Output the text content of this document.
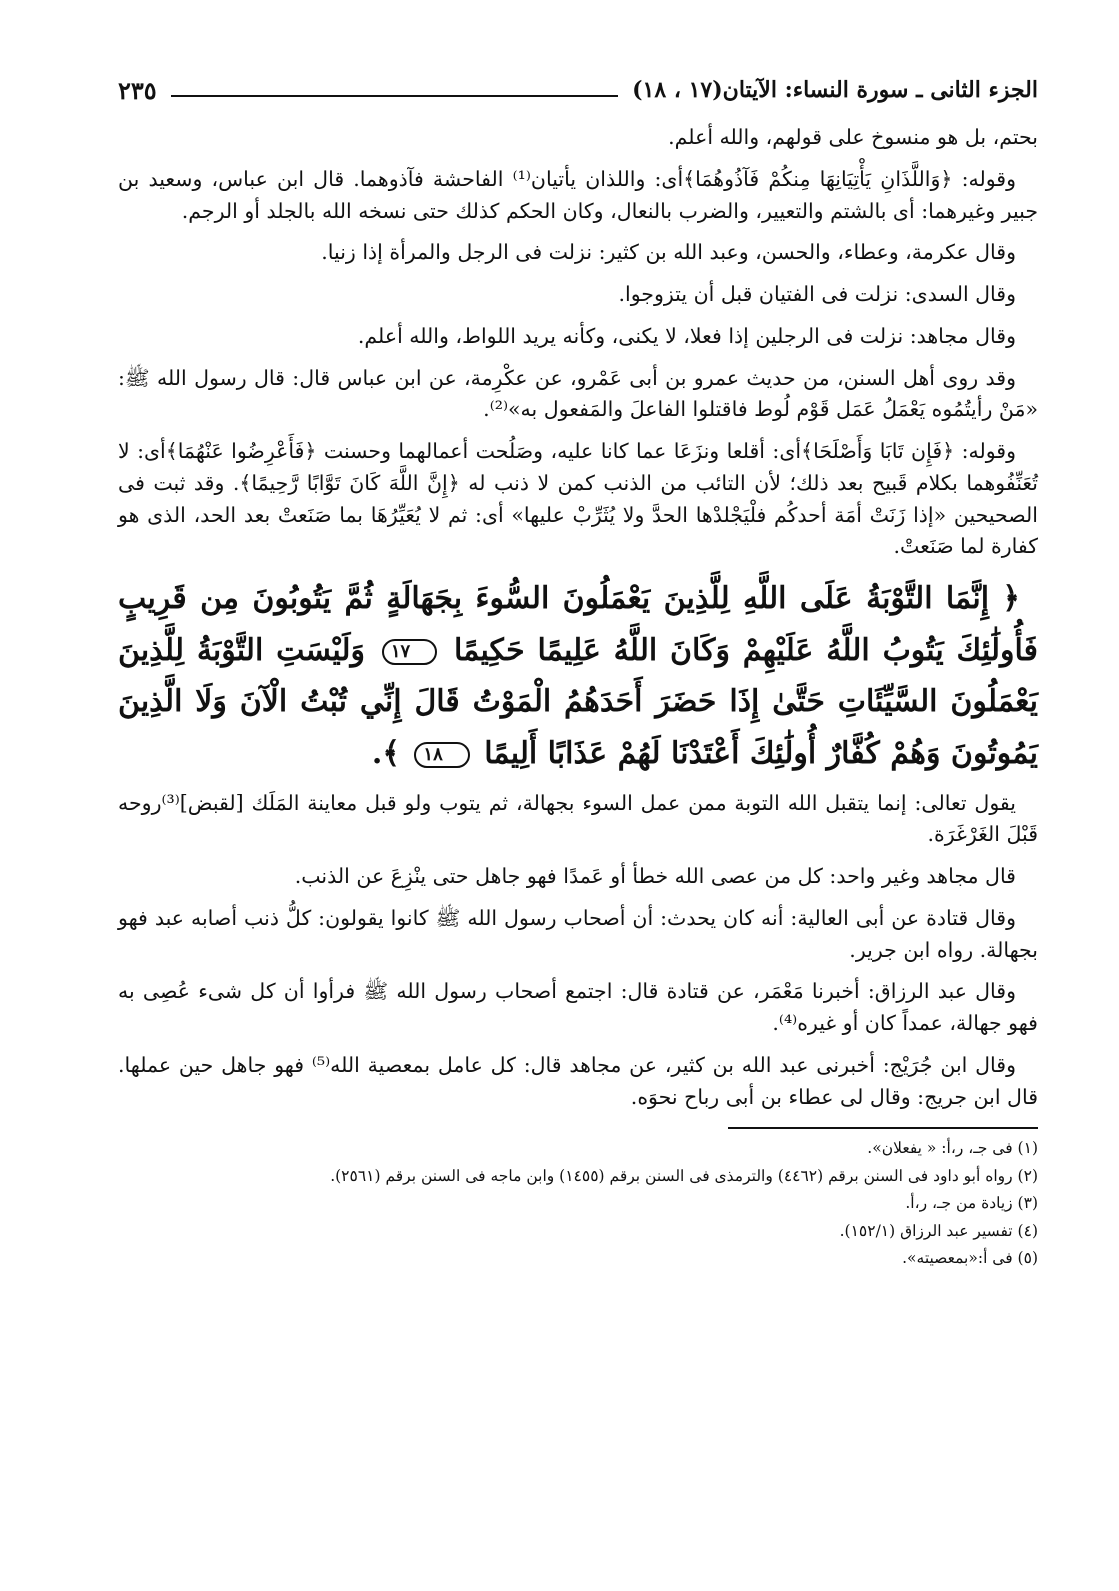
الجزء الثانى ـ سورة النساء: الآيتان(١٧ ، ١٨)
٢٣٥

بحتم، بل هو منسوخ على قولهم، والله أعلم.

وقوله: ﴿وَاللَّذَانِ يَأْتِيَانِهَا مِنكُمْ فَآذُوهُمَا﴾أى: واللذان يأتيان⁽¹⁾ الفاحشة فآذوهما. قال ابن عباس، وسعيد بن جبير وغيرهما: أى بالشتم والتعيير، والضرب بالنعال، وكان الحكم كذلك حتى نسخه الله بالجلد أو الرجم.

وقال عكرمة، وعطاء، والحسن، وعبد الله بن كثير: نزلت فى الرجل والمرأة إذا زنيا.

وقال السدى: نزلت فى الفتيان قبل أن يتزوجوا.

وقال مجاهد: نزلت فى الرجلين إذا فعلا، لا يكنى، وكأنه يريد اللواط، والله أعلم.

وقد روى أهل السنن، من حديث عمرو بن أبى عَمْرو، عن عكْرِمة، عن ابن عباس قال: قال رسول الله ﷺ: «مَنْ رأيتُمُوه يَعْمَلُ عَمَل قَوْم لُوط فاقتلوا الفاعلَ والمَفعول به»⁽²⁾.

وقوله: ﴿فَإِن تَابَا وَأَصْلَحَا﴾أى: أقلعا ونزَعَا عما كانا عليه، وصَلُحت أعمالهما وحسنت ﴿فَأَعْرِضُوا عَنْهُمَا﴾أى: لا تُعَنِّفُوهما بكلام قَبيح بعد ذلك؛ لأن التائب من الذنب كمن لا ذنب له ﴿إِنَّ اللَّهَ كَانَ تَوَّابًا رَّحِيمًا﴾. وقد ثبت فى الصحيحين «إذا زَنَتْ أمَة أحدكُم فلْيَجْلدْها الحدَّ ولا يُثَرِّبْ عليها» أى: ثم لا يُعَيِّرُهَا بما صَنَعتْ بعد الحد، الذى هو كفارة لما صَنَعتْ.

﴿ إِنَّمَا التَّوْبَةُ عَلَى اللَّهِ لِلَّذِينَ يَعْمَلُونَ السُّوءَ بِجَهَالَةٍ ثُمَّ يَتُوبُونَ مِن قَرِيبٍ فَأُولَٰئِكَ يَتُوبُ اللَّهُ عَلَيْهِمْ وَكَانَ اللَّهُ عَلِيمًا حَكِيمًا ١٧ وَلَيْسَتِ التَّوْبَةُ لِلَّذِينَ يَعْمَلُونَ السَّيِّئَاتِ حَتَّىٰ إِذَا حَضَرَ أَحَدَهُمُ الْمَوْتُ قَالَ إِنِّي تُبْتُ الْآنَ وَلَا الَّذِينَ يَمُوتُونَ وَهُمْ كُفَّارٌ أُولَٰئِكَ أَعْتَدْنَا لَهُمْ عَذَابًا أَلِيمًا ١٨ ﴾.

يقول تعالى: إنما يتقبل الله التوبة ممن عمل السوء بجهالة، ثم يتوب ولو قبل معاينة المَلَك [لقبض]⁽³⁾روحه قَبْلَ الغَرْغَرَة.

قال مجاهد وغير واحد: كل من عصى الله خطأ أو عَمدًا فهو جاهل حتى ينْزِعَ عن الذنب.

وقال قتادة عن أبى العالية: أنه كان يحدث: أن أصحاب رسول الله ﷺ كانوا يقولون: كلُّ ذنب أصابه عبد فهو بجهالة. رواه ابن جرير.

وقال عبد الرزاق: أخبرنا مَعْمَر، عن قتادة قال: اجتمع أصحاب رسول الله ﷺ فرأوا أن كل شىء عُصِى به فهو جهالة، عمداً كان أو غيره⁽⁴⁾.

وقال ابن جُرَيْج: أخبرنى عبد الله بن كثير، عن مجاهد قال: كل عامل بمعصية الله⁽⁵⁾ فهو جاهل حين عملها. قال ابن جريج: وقال لى عطاء بن أبى رباح نحوَه.

(١) فى جـ، ر،أ: « يفعلان».

(٢) رواه أبو داود فى السنن برقم (٤٤٦٢) والترمذى فى السنن برقم (١٤٥٥) وابن ماجه فى السنن برقم (٢٥٦١).

(٣) زيادة من جـ، ر،أ.

(٤) تفسير عبد الرزاق (١٥٢/١).

(٥) فى أ:«بمعصيته».
